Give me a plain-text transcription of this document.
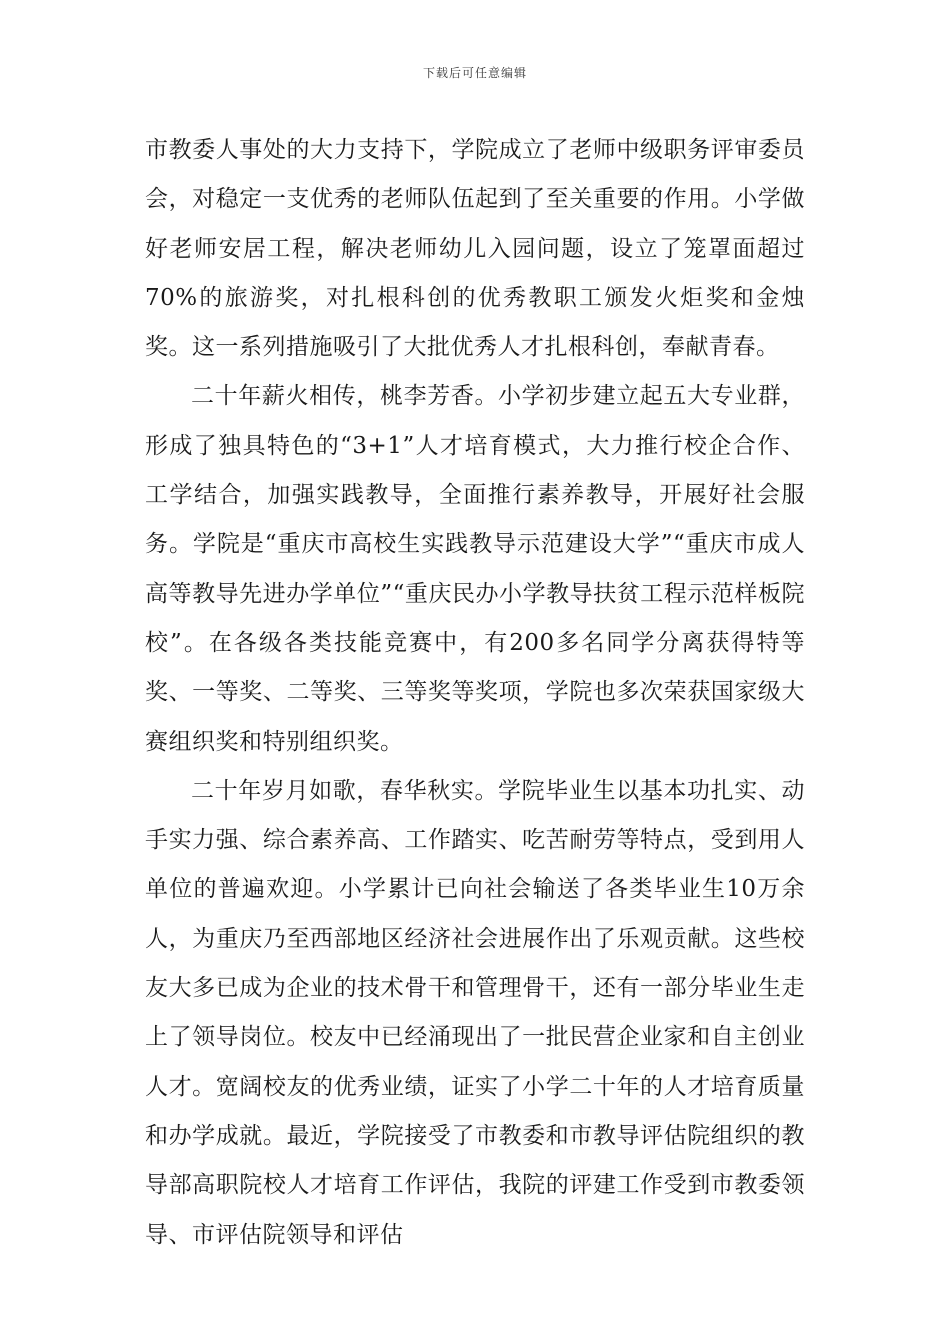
下载后可任意编辑

市教委人事处的大力支持下，学院成立了老师中级职务评审委员会，对稳定一支优秀的老师队伍起到了至关重要的作用。小学做好老师安居工程，解决老师幼儿入园问题，设立了笼罩面超过70%的旅游奖，对扎根科创的优秀教职工颁发火炬奖和金烛奖。这一系列措施吸引了大批优秀人才扎根科创，奉献青春。

二十年薪火相传，桃李芳香。小学初步建立起五大专业群，形成了独具特色的“3+1”人才培育模式，大力推行校企合作、工学结合，加强实践教导，全面推行素养教导，开展好社会服务。学院是“重庆市高校生实践教导示范建设大学”“重庆市成人高等教导先进办学单位”“重庆民办小学教导扶贫工程示范样板院校”。在各级各类技能竞赛中，有200多名同学分离获得特等奖、一等奖、二等奖、三等奖等奖项，学院也多次荣获国家级大赛组织奖和特别组织奖。

二十年岁月如歌，春华秋实。学院毕业生以基本功扎实、动手实力强、综合素养高、工作踏实、吃苦耐劳等特点，受到用人单位的普遍欢迎。小学累计已向社会输送了各类毕业生10万余人，为重庆乃至西部地区经济社会进展作出了乐观贡献。这些校友大多已成为企业的技术骨干和管理骨干，还有一部分毕业生走上了领导岗位。校友中已经涌现出了一批民营企业家和自主创业人才。宽阔校友的优秀业绩，证实了小学二十年的人才培育质量和办学成就。最近，学院接受了市教委和市教导评估院组织的教导部高职院校人才培育工作评估，我院的评建工作受到市教委领导、市评估院领导和评估
